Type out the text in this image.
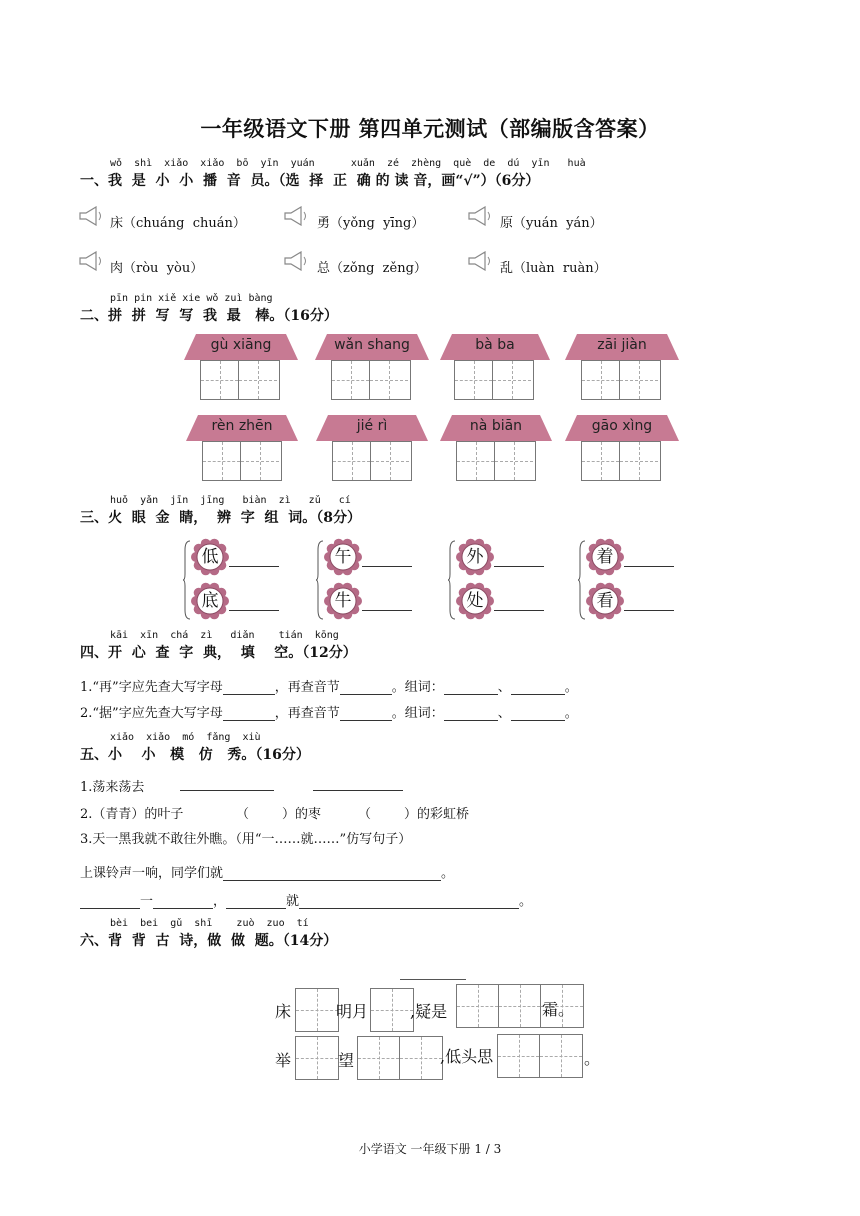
一年级语文下册 第四单元测试（部编版含答案）
wǒ  shì  xiǎo  xiǎo  bō  yīn  yuán      xuǎn  zé  zhèng  què  de  dú  yīn   huà
一、我  是  小  小  播  音  员。（选  择  正  确 的 读 音，画“√”）（6分）
床（chuáng  chuán）	勇（yǒng  yīng）	原（yuán  yán）
肉（ròu  yòu）	总（zǒng  zěng）	乱（luàn  ruàn）
pīn pin xiě xie wǒ zuì bàng
二、拼  拼  写  写  我  最   棒。（16分）
gù xiāng	wǎn shang	bà ba	zāi jiàn
rèn zhēn	jié rì	nà biān	gāo xìng
huǒ  yǎn  jīn  jīng   biàn  zì   zǔ   cí
三、火  眼  金  睛，  辨  字  组  词。（8分）
低
底
午
牛
外
处
着
看
kāi  xīn  chá  zì   diǎn    tián  kōng
四、开  心  查  字  典，  填    空。（12分）
1.“再”字应先查大写字母	，再查音节	。组词：	、	。
2.“据”字应先查大写字母	，再查音节	。组词：	、	。
xiǎo  xiǎo  mó  fǎng  xiù
五、小    小   模   仿   秀。（16分）
1.荡来荡去
2.（青青）的叶子	（        ）的枣	（        ）的彩虹桥
3.天一黑我就不敢往外瞧。（用“一……就……”仿写句子）
上课铃声一响，同学们就	。
一	，	就	。
bèi  bei  gǔ  shī    zuò  zuo  tí
六、背  背  古  诗，做  做  题。（14分）
床	明月	,疑是	霜。
举	望	,低头思	。
小学语文 一年级下册 1 / 3
